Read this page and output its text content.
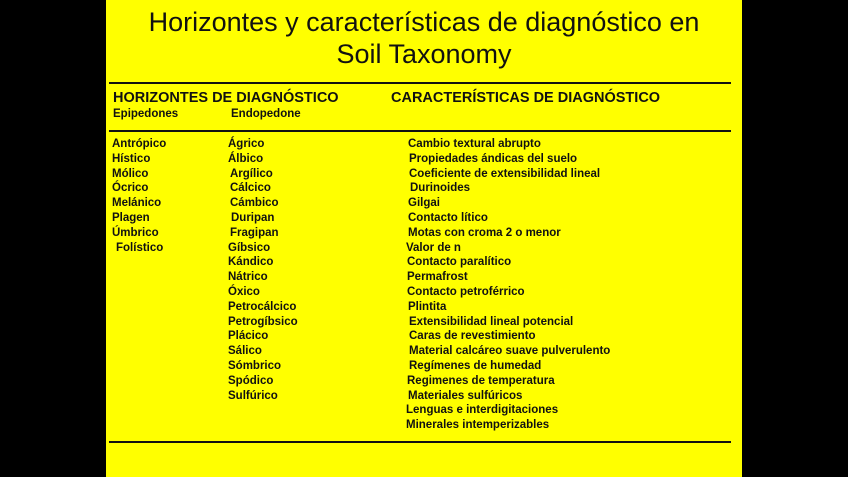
Horizontes y características de diagnóstico en
Soil Taxonomy
HORIZONTES DE DIAGNÓSTICO	CARACTERÍSTICAS DE DIAGNÓSTICO
Epipedones	Endopedone
Antrópico
Hístico
Mólico
Ócrico
Melánico
Plagen
Úmbrico
Folístico
Ágrico
Álbico
Argílico
Cálcico
Cámbico
Duripan
Fragipan
Gíbsico
Kándico
Nátrico
Óxico
Petrocálcico
Petrogíbsico
Plácico
Sálico
Sómbrico
Spódico
Sulfúrico
Cambio textural abrupto
Propiedades ándicas del suelo
Coeficiente de extensibilidad lineal
Durinoides
Gilgai
Contacto lítico
Motas con croma 2 o menor
Valor de n
Contacto paralítico
Permafrost
Contacto petroférrico
Plintita
Extensibilidad lineal potencial
Caras de revestimiento
Material calcáreo suave pulverulento
Regímenes de humedad
Regimenes de temperatura
Materiales sulfúricos
Lenguas e interdigitaciones
Minerales intemperizables
